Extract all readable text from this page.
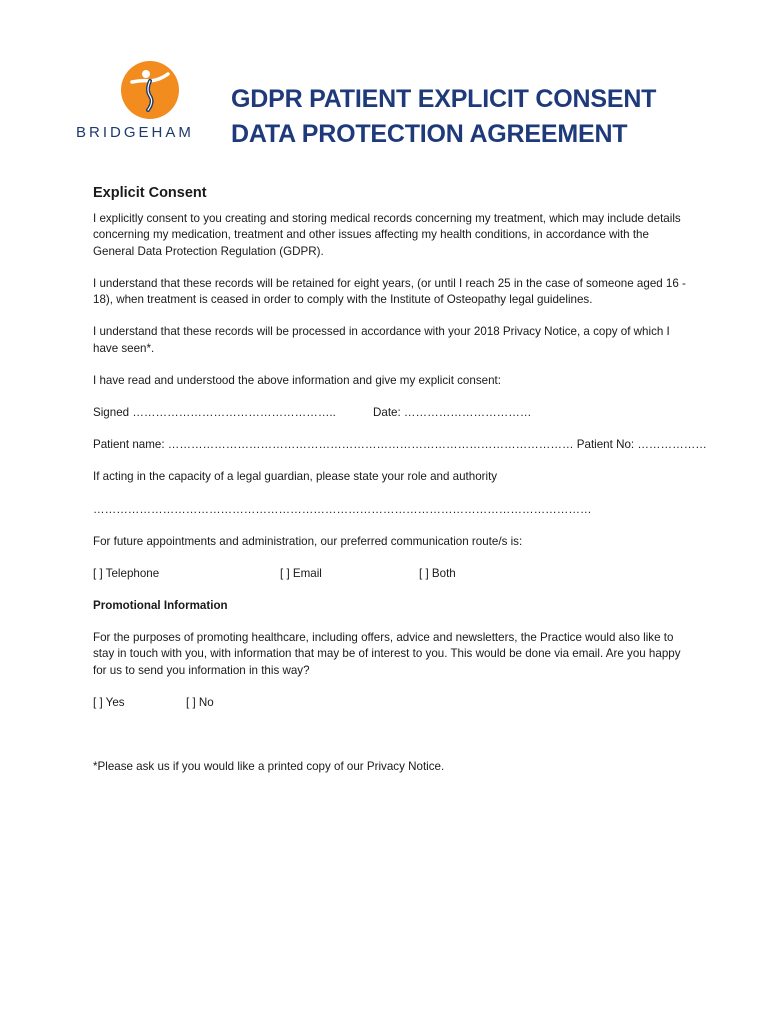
BRIDGEHAM
GDPR PATIENT EXPLICIT CONSENT
DATA PROTECTION AGREEMENT
Explicit Consent

I explicitly consent to you creating and storing medical records concerning my treatment, which may include details concerning my medication, treatment and other issues affecting my health conditions, in accordance with the General Data Protection Regulation (GDPR).

I understand that these records will be retained for eight years, (or until I reach 25 in the case of someone aged 16 - 18), when treatment is ceased in order to comply with the Institute of Osteopathy legal guidelines.

I understand that these records will be processed in accordance with your 2018 Privacy Notice, a copy of which I have seen*.

I have read and understood the above information and give my explicit consent:

Signed ……………………………………………..	Date: ……………………………
Patient name: …………………………………………………………………………………………… Patient No: ………………

If acting in the capacity of a legal guardian, please state your role and authority

…………………………………………………………………………………………………………………

For future appointments and administration, our preferred communication route/s is:

[ ] Telephone	[ ] Email	[ ] Both
Promotional Information

For the purposes of promoting healthcare, including offers, advice and newsletters, the Practice would also like to stay in touch with you, with information that may be of interest to you. This would be done via email. Are you happy for us to send you information in this way?

[ ] Yes	[ ] No

*Please ask us if you would like a printed copy of our Privacy Notice.
